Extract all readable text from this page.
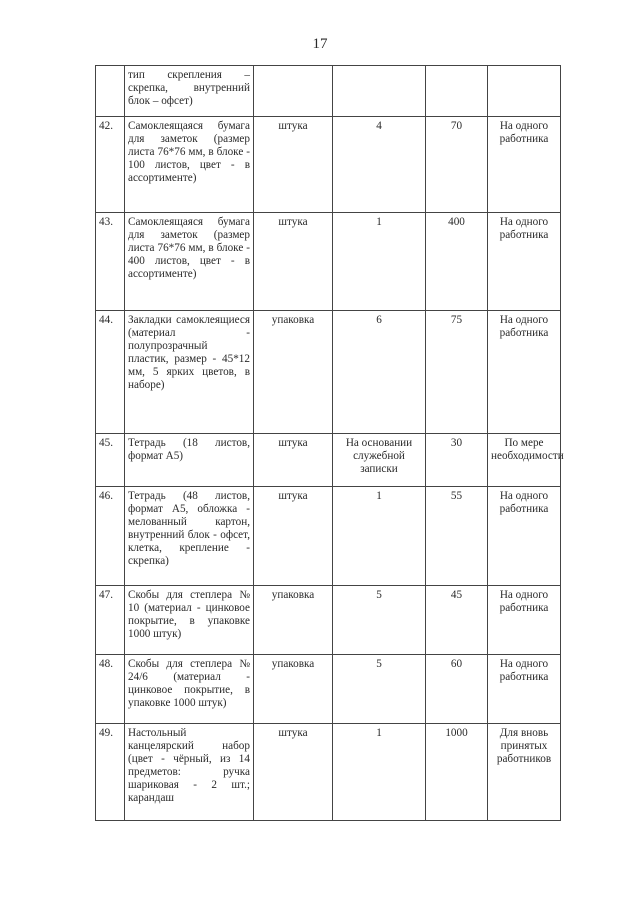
17
	тип скрепления – скрепка, внутренний блок – офсет)				
42.	Самоклеящаяся бумага для заметок (размер листа 76*76 мм, в блоке - 100 листов, цвет - в ассортименте)	штука	4	70	На одного работника
43.	Самоклеящаяся бумага для заметок (размер листа 76*76 мм, в блоке - 400 листов, цвет - в ассортименте)	штука	1	400	На одного работника
44.	Закладки самоклеящиеся (материал - полупрозрачный пластик, размер - 45*12 мм, 5 ярких цветов, в наборе)	упаковка	6	75	На одного работника
45.	Тетрадь (18 листов, формат А5)	штука	На основании служебной записки	30	По мере необходимости
46.	Тетрадь (48 листов, формат А5, обложка - мелованный картон, внутренний блок - офсет, клетка, крепление - скрепка)	штука	1	55	На одного работника
47.	Скобы для степлера № 10 (материал - цинковое покрытие, в упаковке 1000 штук)	упаковка	5	45	На одного работника
48.	Скобы для степлера № 24/6 (материал - цинковое покрытие, в упаковке 1000 штук)	упаковка	5	60	На одного работника
49.	Настольный канцелярский набор (цвет - чёрный, из 14 предметов: ручка шариковая - 2 шт.; карандаш	штука	1	1000	Для вновь принятых работников
